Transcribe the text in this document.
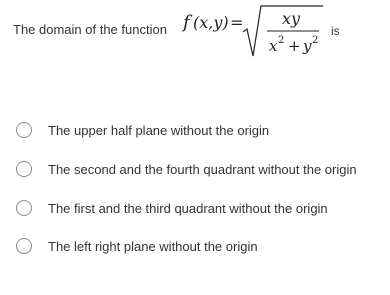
The domain of the function f (x,y) = xy
x 2 + y 2
is
The upper half plane without the origin
The second and the fourth quadrant without the origin
The first and the third quadrant without the origin
The left right plane without the origin
